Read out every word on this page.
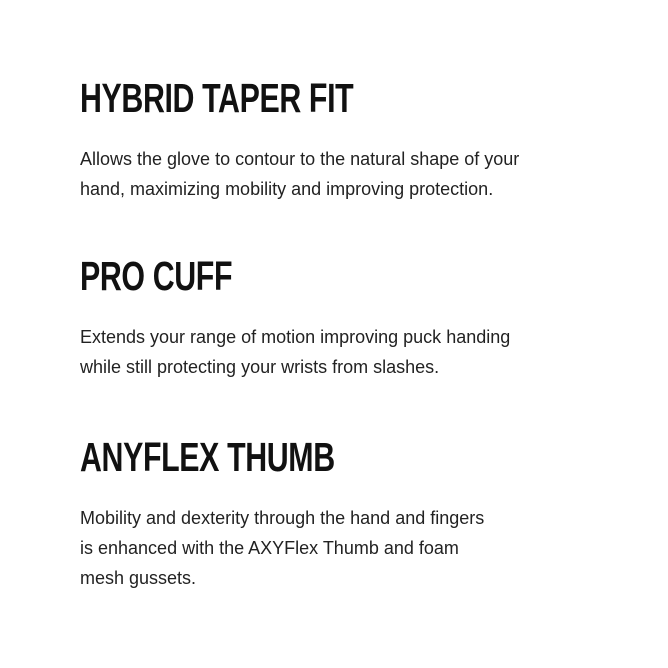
HYBRID TAPER FIT

Allows the glove to contour to the natural shape of your
hand, maximizing mobility and improving protection.

PRO CUFF

Extends your range of motion improving puck handing
while still protecting your wrists from slashes.

ANYFLEX THUMB

Mobility and dexterity through the hand and fingers
is enhanced with the AXYFlex Thumb and foam
mesh gussets.
